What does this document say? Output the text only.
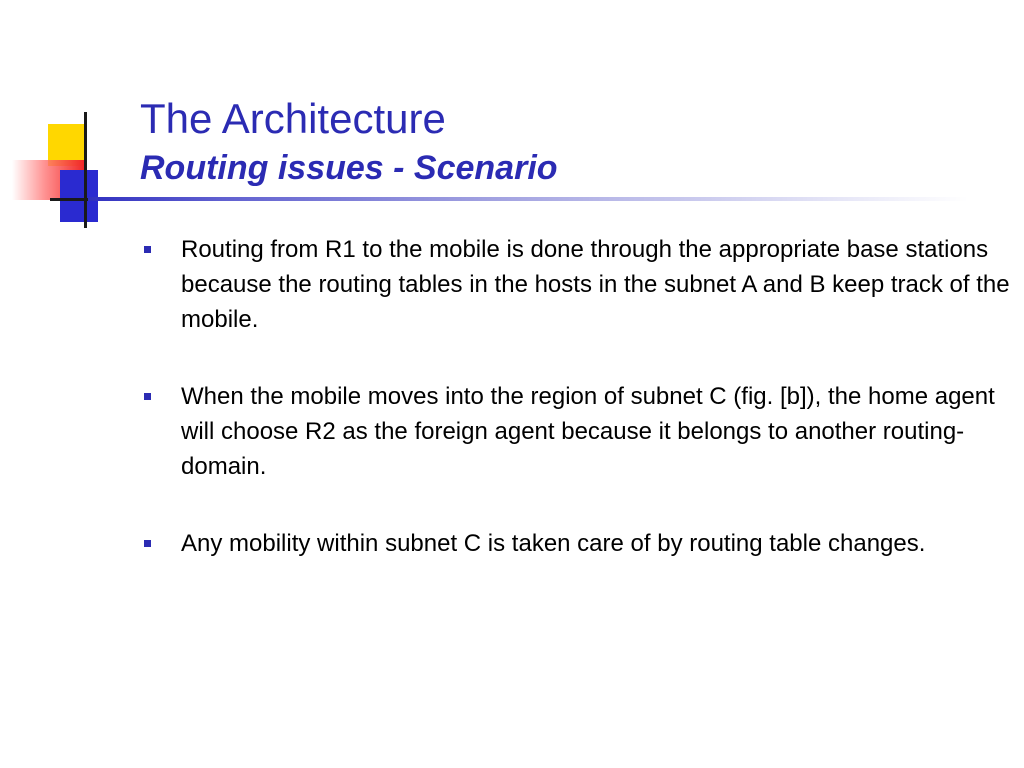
The Architecture
Routing issues - Scenario
Routing from R1 to the mobile is done through the appropriate base stations because the routing tables in the hosts in the subnet A and B keep track of the mobile.
When the mobile moves into the region of subnet C (fig. [b]), the home agent will choose R2 as the foreign agent because it belongs to another routing-domain.
Any mobility within subnet C is taken care of by routing table changes.
